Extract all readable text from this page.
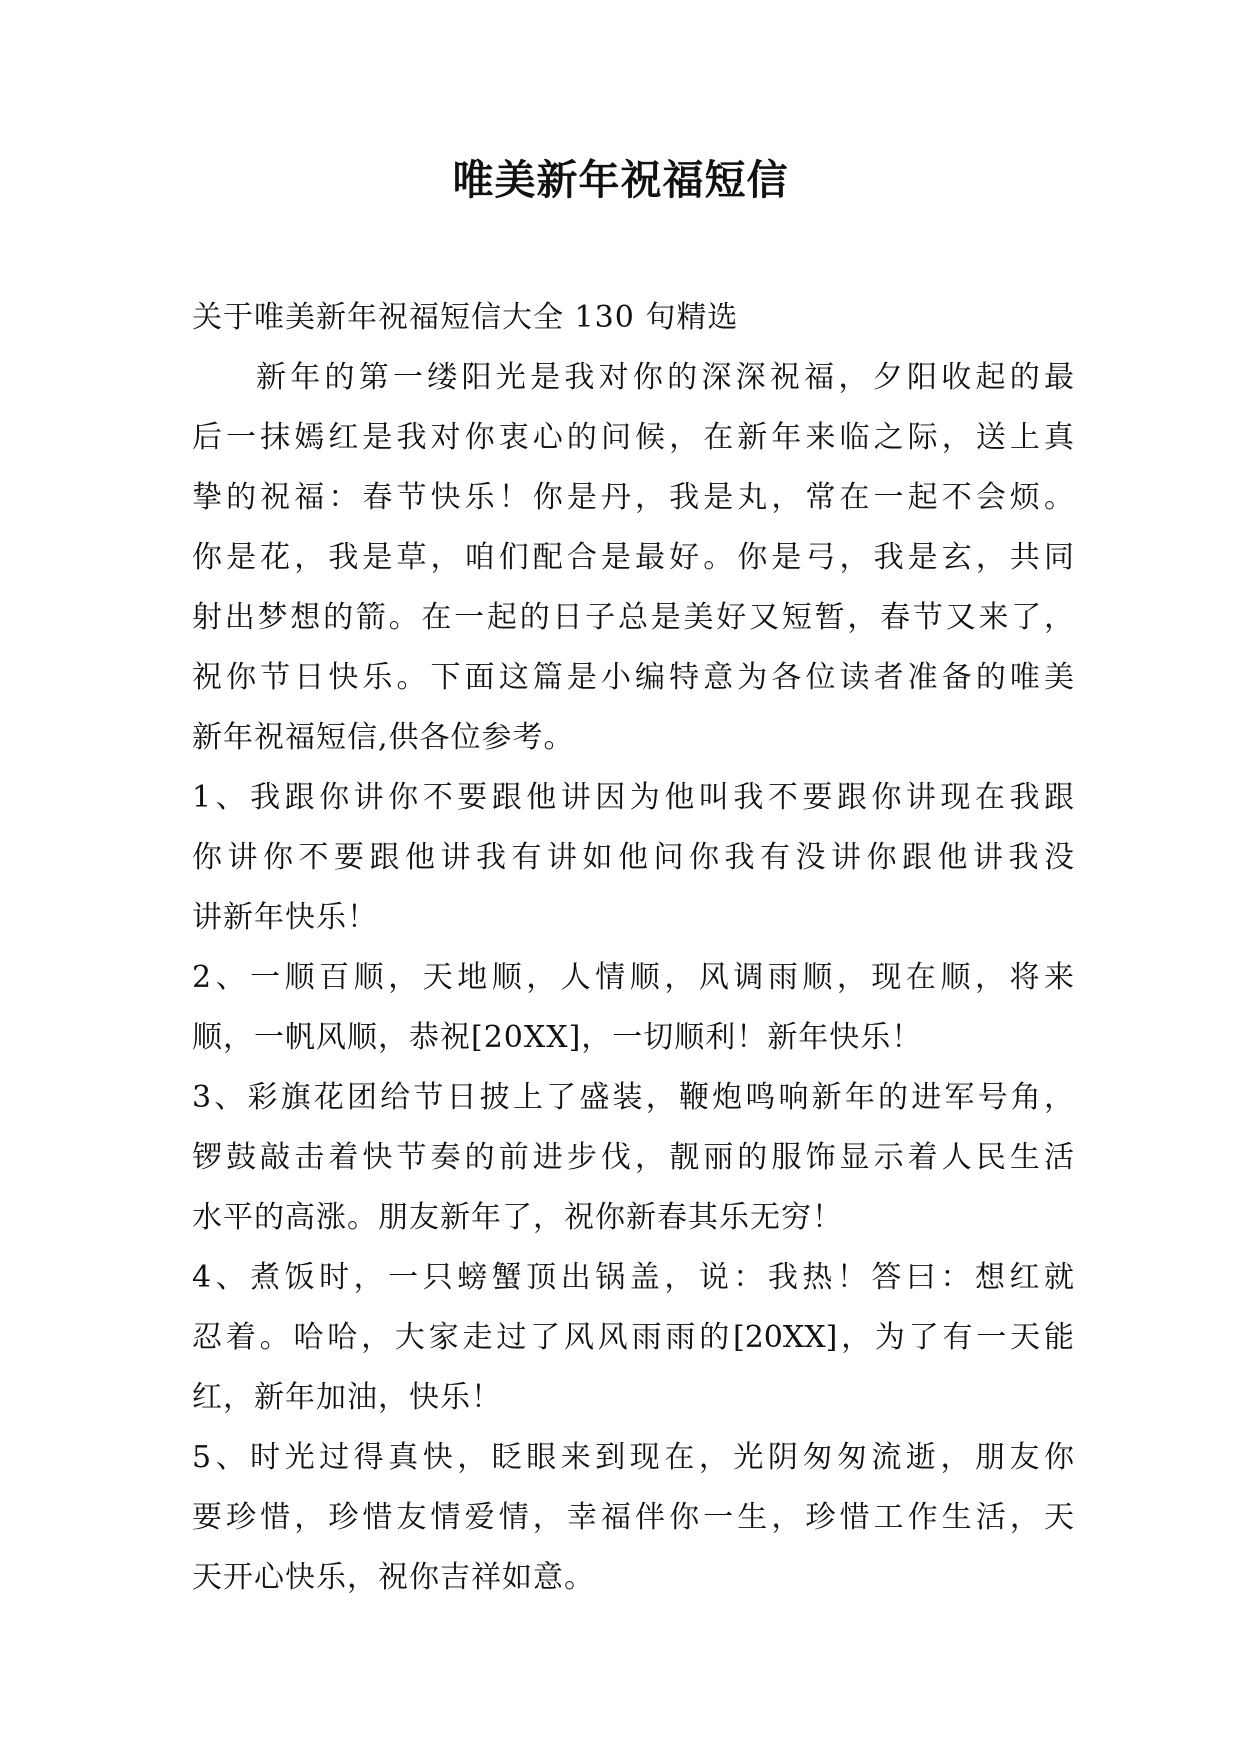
唯美新年祝福短信
关于唯美新年祝福短信大全 130 句精选
新年的第一缕阳光是我对你的深深祝福，夕阳收起的最
后一抹嫣红是我对你衷心的问候，在新年来临之际，送上真
挚的祝福：春节快乐！你是丹，我是丸，常在一起不会烦。
你是花，我是草，咱们配合是最好。你是弓，我是玄，共同
射出梦想的箭。在一起的日子总是美好又短暂，春节又来了，
祝你节日快乐。下面这篇是小编特意为各位读者准备的唯美
新年祝福短信,供各位参考。
1、我跟你讲你不要跟他讲因为他叫我不要跟你讲现在我跟
你讲你不要跟他讲我有讲如他问你我有没讲你跟他讲我没
讲新年快乐！
2、一顺百顺，天地顺，人情顺，风调雨顺，现在顺，将来
顺，一帆风顺，恭祝[20XX]，一切顺利！新年快乐！
3、彩旗花团给节日披上了盛装，鞭炮鸣响新年的进军号角，
锣鼓敲击着快节奏的前进步伐，靓丽的服饰显示着人民生活
水平的高涨。朋友新年了，祝你新春其乐无穷！
4、煮饭时，一只螃蟹顶出锅盖，说：我热！答曰：想红就
忍着。哈哈，大家走过了风风雨雨的[20XX]，为了有一天能
红，新年加油，快乐！
5、时光过得真快，眨眼来到现在，光阴匆匆流逝，朋友你
要珍惜，珍惜友情爱情，幸福伴你一生，珍惜工作生活，天
天开心快乐，祝你吉祥如意。
